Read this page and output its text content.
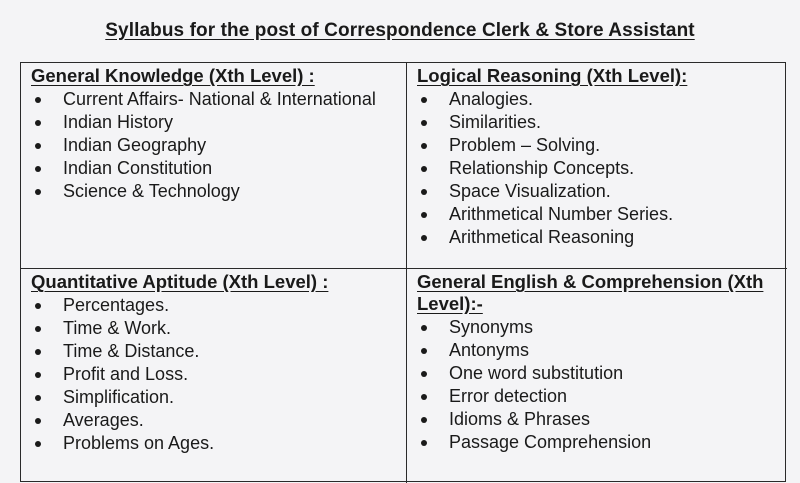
Syllabus for the post of Correspondence Clerk & Store Assistant
General Knowledge (Xth Level) :
Current Affairs- National & International
Indian History
Indian Geography
Indian Constitution
Science & Technology
Logical Reasoning (Xth Level):
Analogies.
Similarities.
Problem – Solving.
Relationship Concepts.
Space Visualization.
Arithmetical Number Series.
Arithmetical Reasoning
Quantitative Aptitude (Xth Level) :
Percentages.
Time & Work.
Time & Distance.
Profit and Loss.
Simplification.
Averages.
Problems on Ages.
General English & Comprehension (Xth Level):-
Synonyms
Antonyms
One word substitution
Error detection
Idioms & Phrases
Passage Comprehension
